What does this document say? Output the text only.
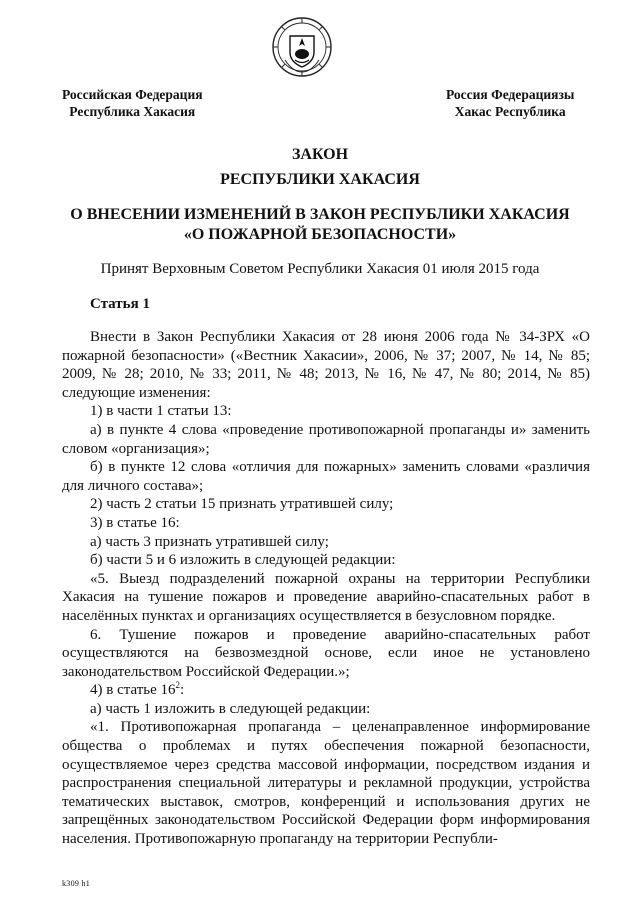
Российская Федерация
Республика Хакасия
Россия Федерациязы
Хакас Республика
ЗАКОН
РЕСПУБЛИКИ ХАКАСИЯ
О ВНЕСЕНИИ ИЗМЕНЕНИЙ В ЗАКОН РЕСПУБЛИКИ ХАКАСИЯ
«О ПОЖАРНОЙ БЕЗОПАСНОСТИ»
Принят Верховным Советом Республики Хакасия 01 июля 2015 года
Статья 1

Внести в Закон Республики Хакасия от 28 июня 2006 года № 34-ЗРХ «О пожарной безопасности» («Вестник Хакасии», 2006, № 37; 2007, № 14, № 85; 2009, № 28; 2010, № 33; 2011, № 48; 2013, № 16, № 47, № 80; 2014, № 85) следующие изменения:

1) в части 1 статьи 13:

а) в пункте 4 слова «проведение противопожарной пропаганды и» заменить словом «организация»;

б) в пункте 12 слова «отличия для пожарных» заменить словами «различия для личного состава»;

2) часть 2 статьи 15 признать утратившей силу;

3) в статье 16:

а) часть 3 признать утратившей силу;

б) части 5 и 6 изложить в следующей редакции:

«5. Выезд подразделений пожарной охраны на территории Республики Хакасия на тушение пожаров и проведение аварийно-спасательных работ в населённых пунктах и организациях осуществляется в безусловном порядке.

6. Тушение пожаров и проведение аварийно-спасательных работ осуществляются на безвозмездной основе, если иное не установлено законодательством Российской Федерации.»;

4) в статье $16^2$:

а) часть 1 изложить в следующей редакции:

«1. Противопожарная пропаганда – целенаправленное информирование общества о проблемах и путях обеспечения пожарной безопасности, осуществляемое через средства массовой информации, посредством издания и распространения специальной литературы и рекламной продукции, устройства тематических выставок, смотров, конференций и использования других не запрещённых законодательством Российской Федерации форм информирования населения. Противопожарную пропаганду на территории Республи-

k309 h1
